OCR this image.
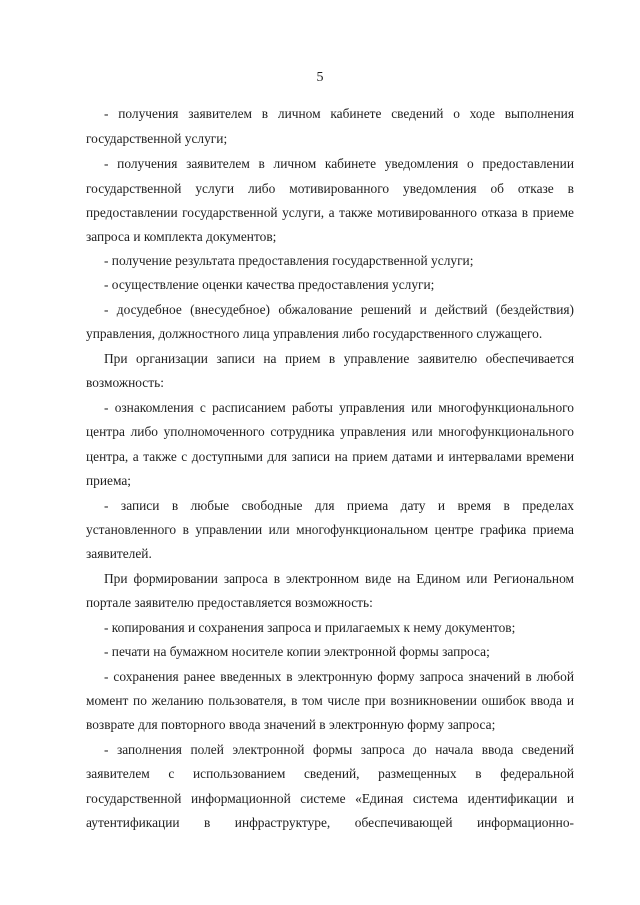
5
- получения заявителем в личном кабинете сведений о ходе выполнения
государственной услуги;
- получения заявителем в личном кабинете уведомления о предоставлении
государственной услуги либо мотивированного уведомления об отказе в
предоставлении государственной услуги, а также мотивированного отказа в приеме
запроса и комплекта документов;
- получение результата предоставления государственной услуги;
- осуществление оценки качества предоставления услуги;
- досудебное (внесудебное) обжалование решений и действий (бездействия)
управления, должностного лица управления либо государственного служащего.
При организации записи на прием в управление заявителю обеспечивается
возможность:
- ознакомления с расписанием работы управления или многофункционального
центра либо уполномоченного сотрудника управления или многофункционального
центра, а также с доступными для записи на прием датами и интервалами времени
приема;
- записи в любые свободные для приема дату и время в пределах
установленного в управлении или многофункциональном центре графика приема
заявителей.
При формировании запроса в электронном виде на Едином или Региональном
портале заявителю предоставляется возможность:
- копирования и сохранения запроса и прилагаемых к нему документов;
- печати на бумажном носителе копии электронной формы запроса;
- сохранения ранее введенных в электронную форму запроса значений в любой
момент по желанию пользователя, в том числе при возникновении ошибок ввода и
возврате для повторного ввода значений в электронную форму запроса;
- заполнения полей электронной формы запроса до начала ввода сведений
заявителем с использованием сведений, размещенных в федеральной
государственной информационной системе «Единая система идентификации и
аутентификации в инфраструктуре, обеспечивающей информационно-
